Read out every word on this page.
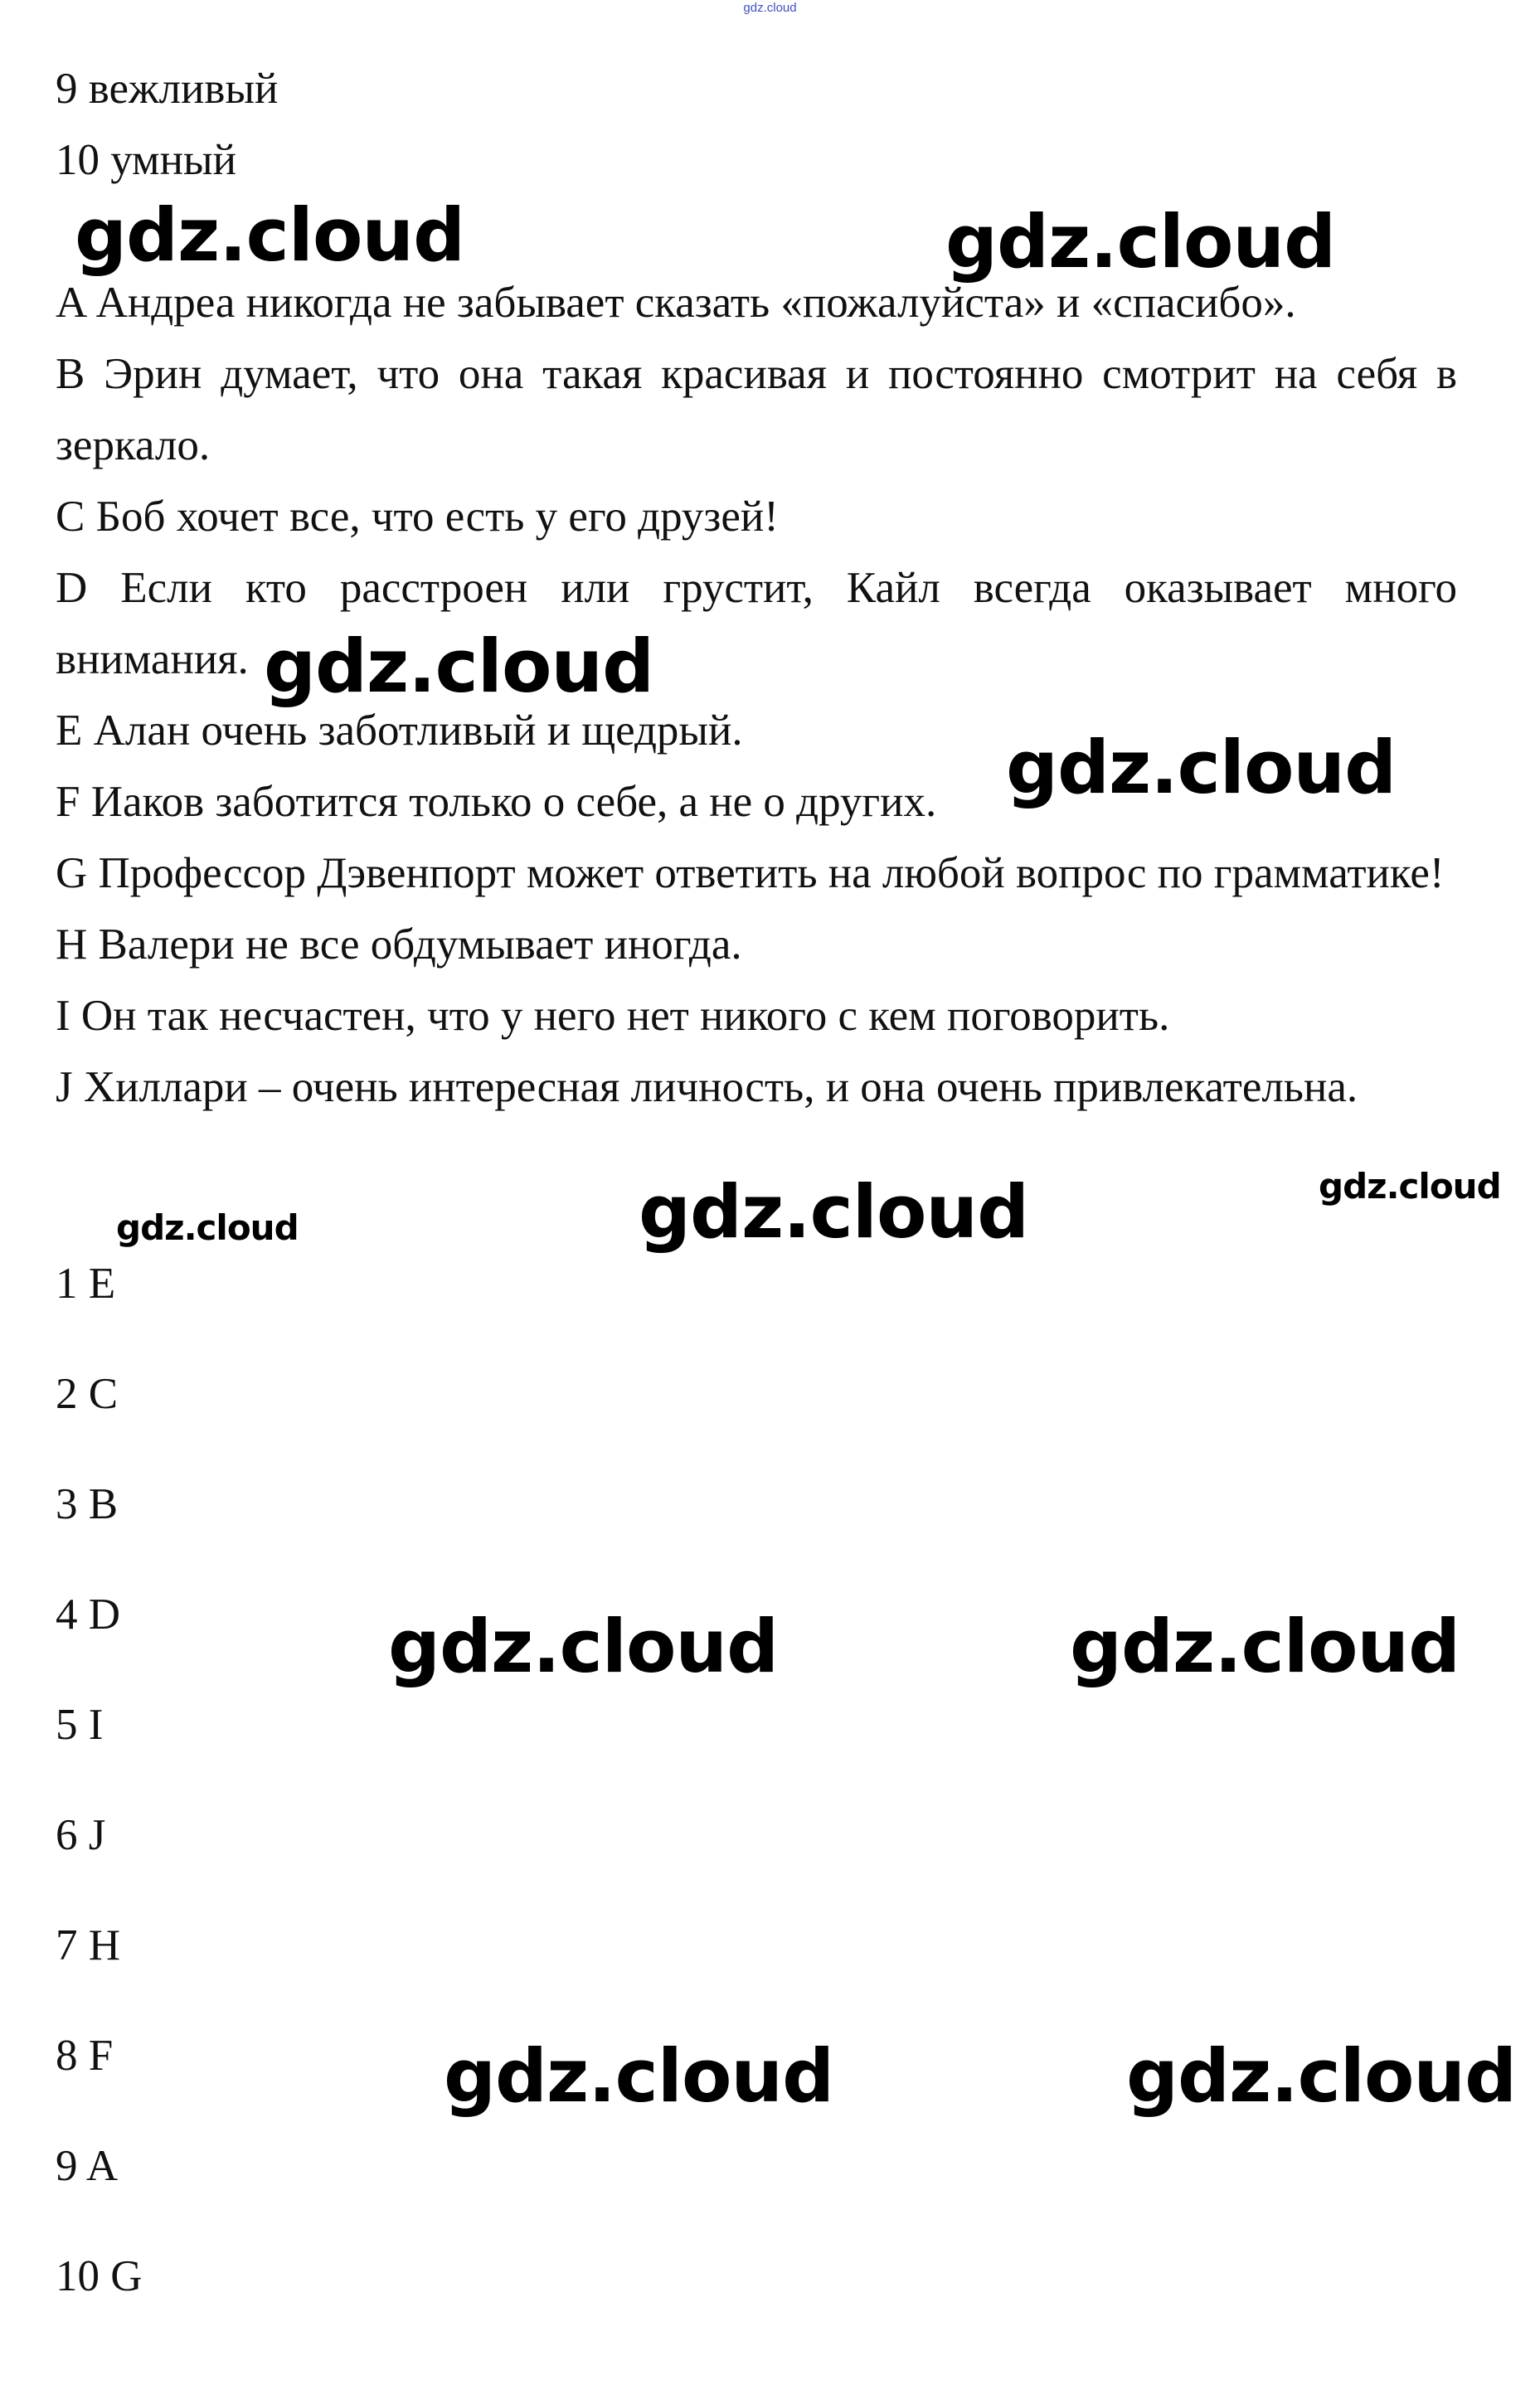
gdz.cloud

9 вежливый

10 умный

A Андреа никогда не забывает сказать «пожалуйста» и «спасибо».

B Эрин думает, что она такая красивая и постоянно смотрит на себя в зеркало.

C Боб хочет все, что есть у его друзей!

D Если кто расстроен или грустит, Кайл всегда оказывает много внимания.

E Алан очень заботливый и щедрый.

F Иаков заботится только о себе, а не о других.

G Профессор Дэвенпорт может ответить на любой вопрос по грамматике!

H Валери не все обдумывает иногда.

I Он так несчастен, что у него нет никого с кем поговорить.

J Хиллари – очень интересная личность, и она очень привлекательна.

1 E

2 C

3 B

4 D

5 I

6 J

7 H

8 F

9 A

10 G

gdz.cloud	gdz.cloud
gdz.cloud
gdz.cloud
gdz.cloud	gdz.cloud
gdz.cloud
gdz.cloud	gdz.cloud
gdz.cloud	gdz.cloud
